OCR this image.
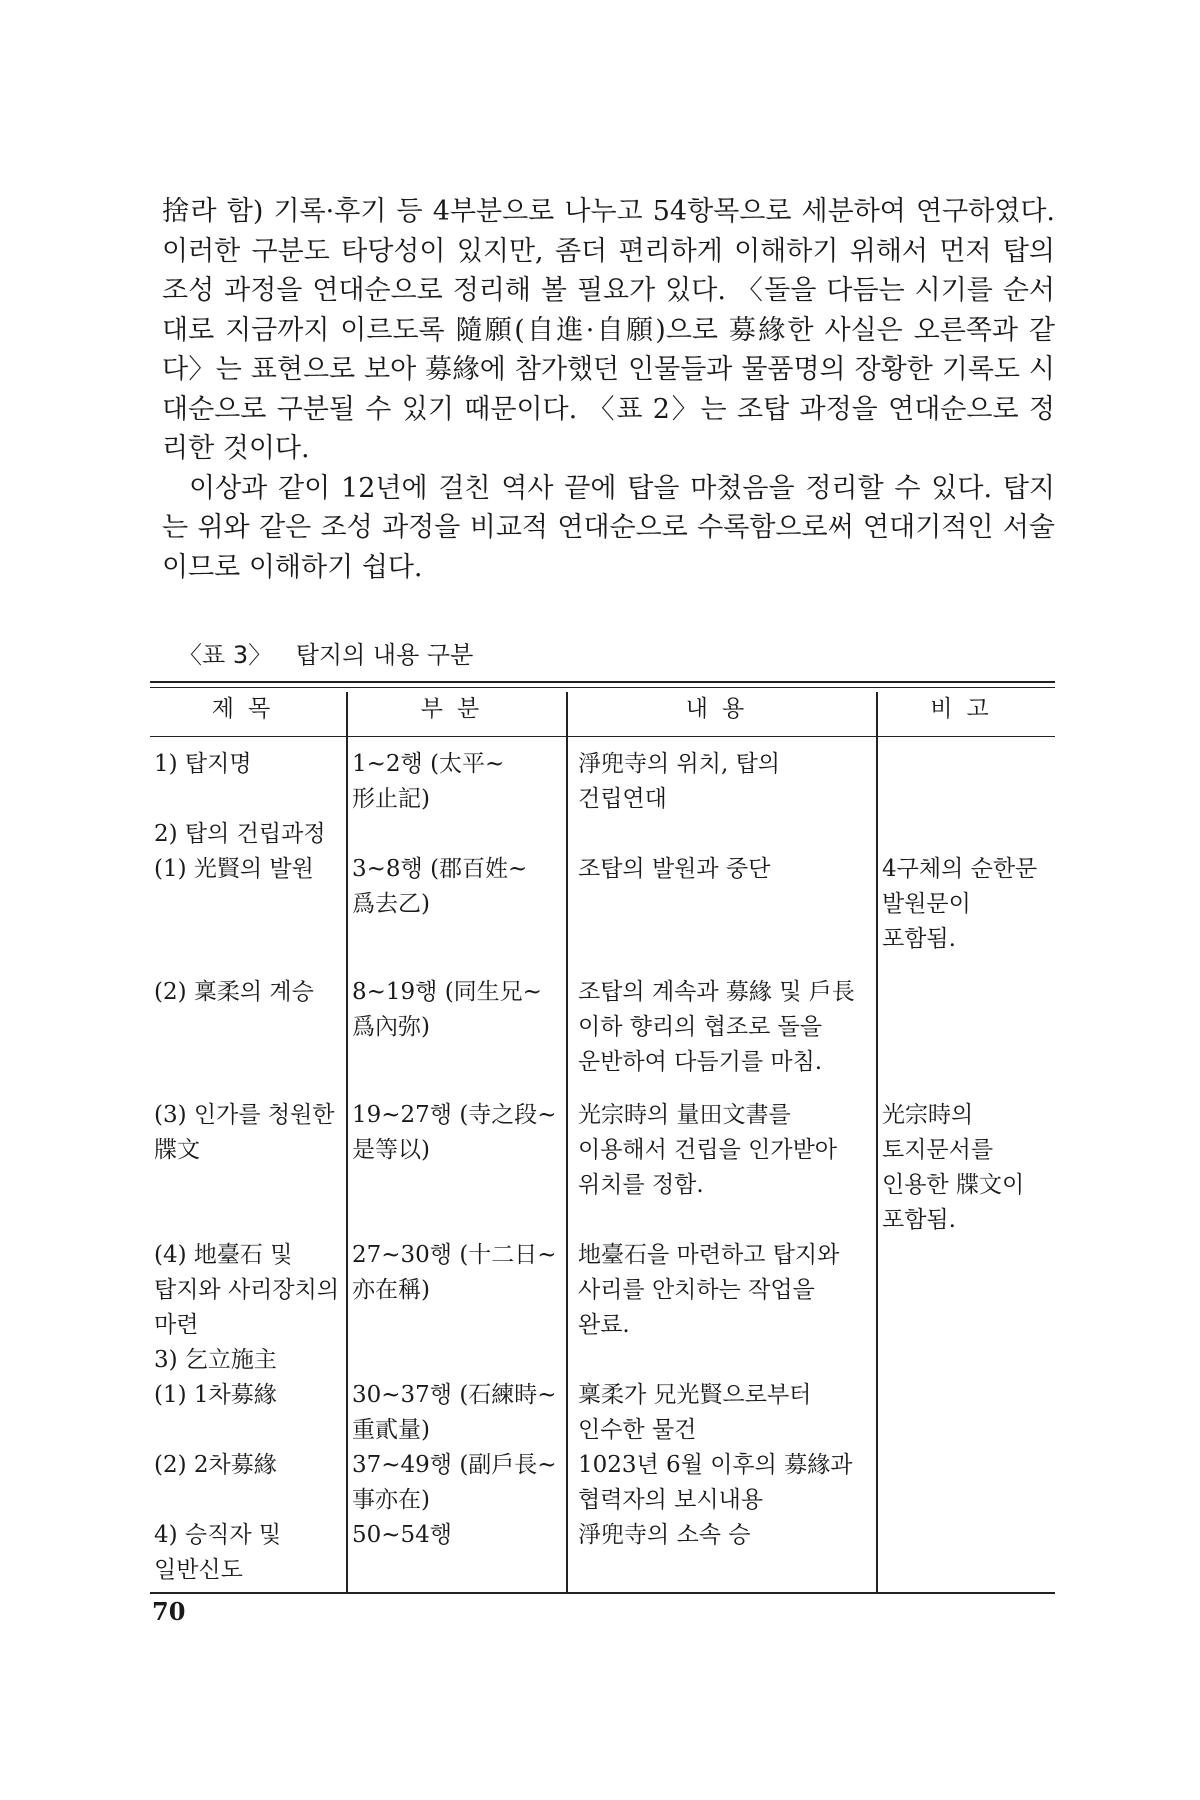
捨라 함) 기록·후기 등 4부분으로 나누고 54항목으로 세분하여 연구하였다. 이러한 구분도 타당성이 있지만, 좀더 편리하게 이해하기 위해서 먼저 탑의 조성 과정을 연대순으로 정리해 볼 필요가 있다. 〈돌을 다듬는 시기를 순서대로 지금까지 이르도록 隨願(自進·自願)으로 募緣한 사실은 오른쪽과 같다〉는 표현으로 보아 募緣에 참가했던 인물들과 물품명의 장황한 기록도 시대순으로 구분될 수 있기 때문이다. 〈표 2〉는 조탑 과정을 연대순으로 정리한 것이다.

이상과 같이 12년에 걸친 역사 끝에 탑을 마쳤음을 정리할 수 있다. 탑지는 위와 같은 조성 과정을 비교적 연대순으로 수록함으로써 연대기적인 서술이므로 이해하기 쉽다.

〈표 3〉 탑지의 내용 구분
제목	부분	내용	비고
1) 탑지명	1~2행 (太平~形止記)	淨兜寺의 위치, 탑의 건립연대	
2) 탑의 건립과정			
(1) 光賢의 발원	3~8행 (郡百姓~爲去乙)	조탑의 발원과 중단	4구체의 순한문 발원문이 포함됨.
(2) 稟柔의 계승	8~19행 (同生兄~爲內弥)	조탑의 계속과 募緣 및 戶長 이하 향리의 협조로 돌을 운반하여 다듬기를 마침.	
(3) 인가를 청원한 牒文	19~27행 (寺之段~是等以)	光宗時의 量田文書를 이용해서 건립을 인가받아 위치를 정함.	光宗時의 토지문서를 인용한 牒文이 포함됨.
(4) 地臺石 및 탑지와 사리장치의 마련	27~30행 (十二日~亦在稱)	地臺石을 마련하고 탑지와 사리를 안치하는 작업을 완료.	
3) 乞立施主			
(1) 1차募緣	30~37행 (石練時~重貳量)	稟柔가 兄光賢으로부터 인수한 물건	
(2) 2차募緣	37~49행 (副戶長~事亦在)	1023년 6월 이후의 募緣과 협력자의 보시내용	
4) 승직자 및 일반신도	50~54행	淨兜寺의 소속 승	
70
